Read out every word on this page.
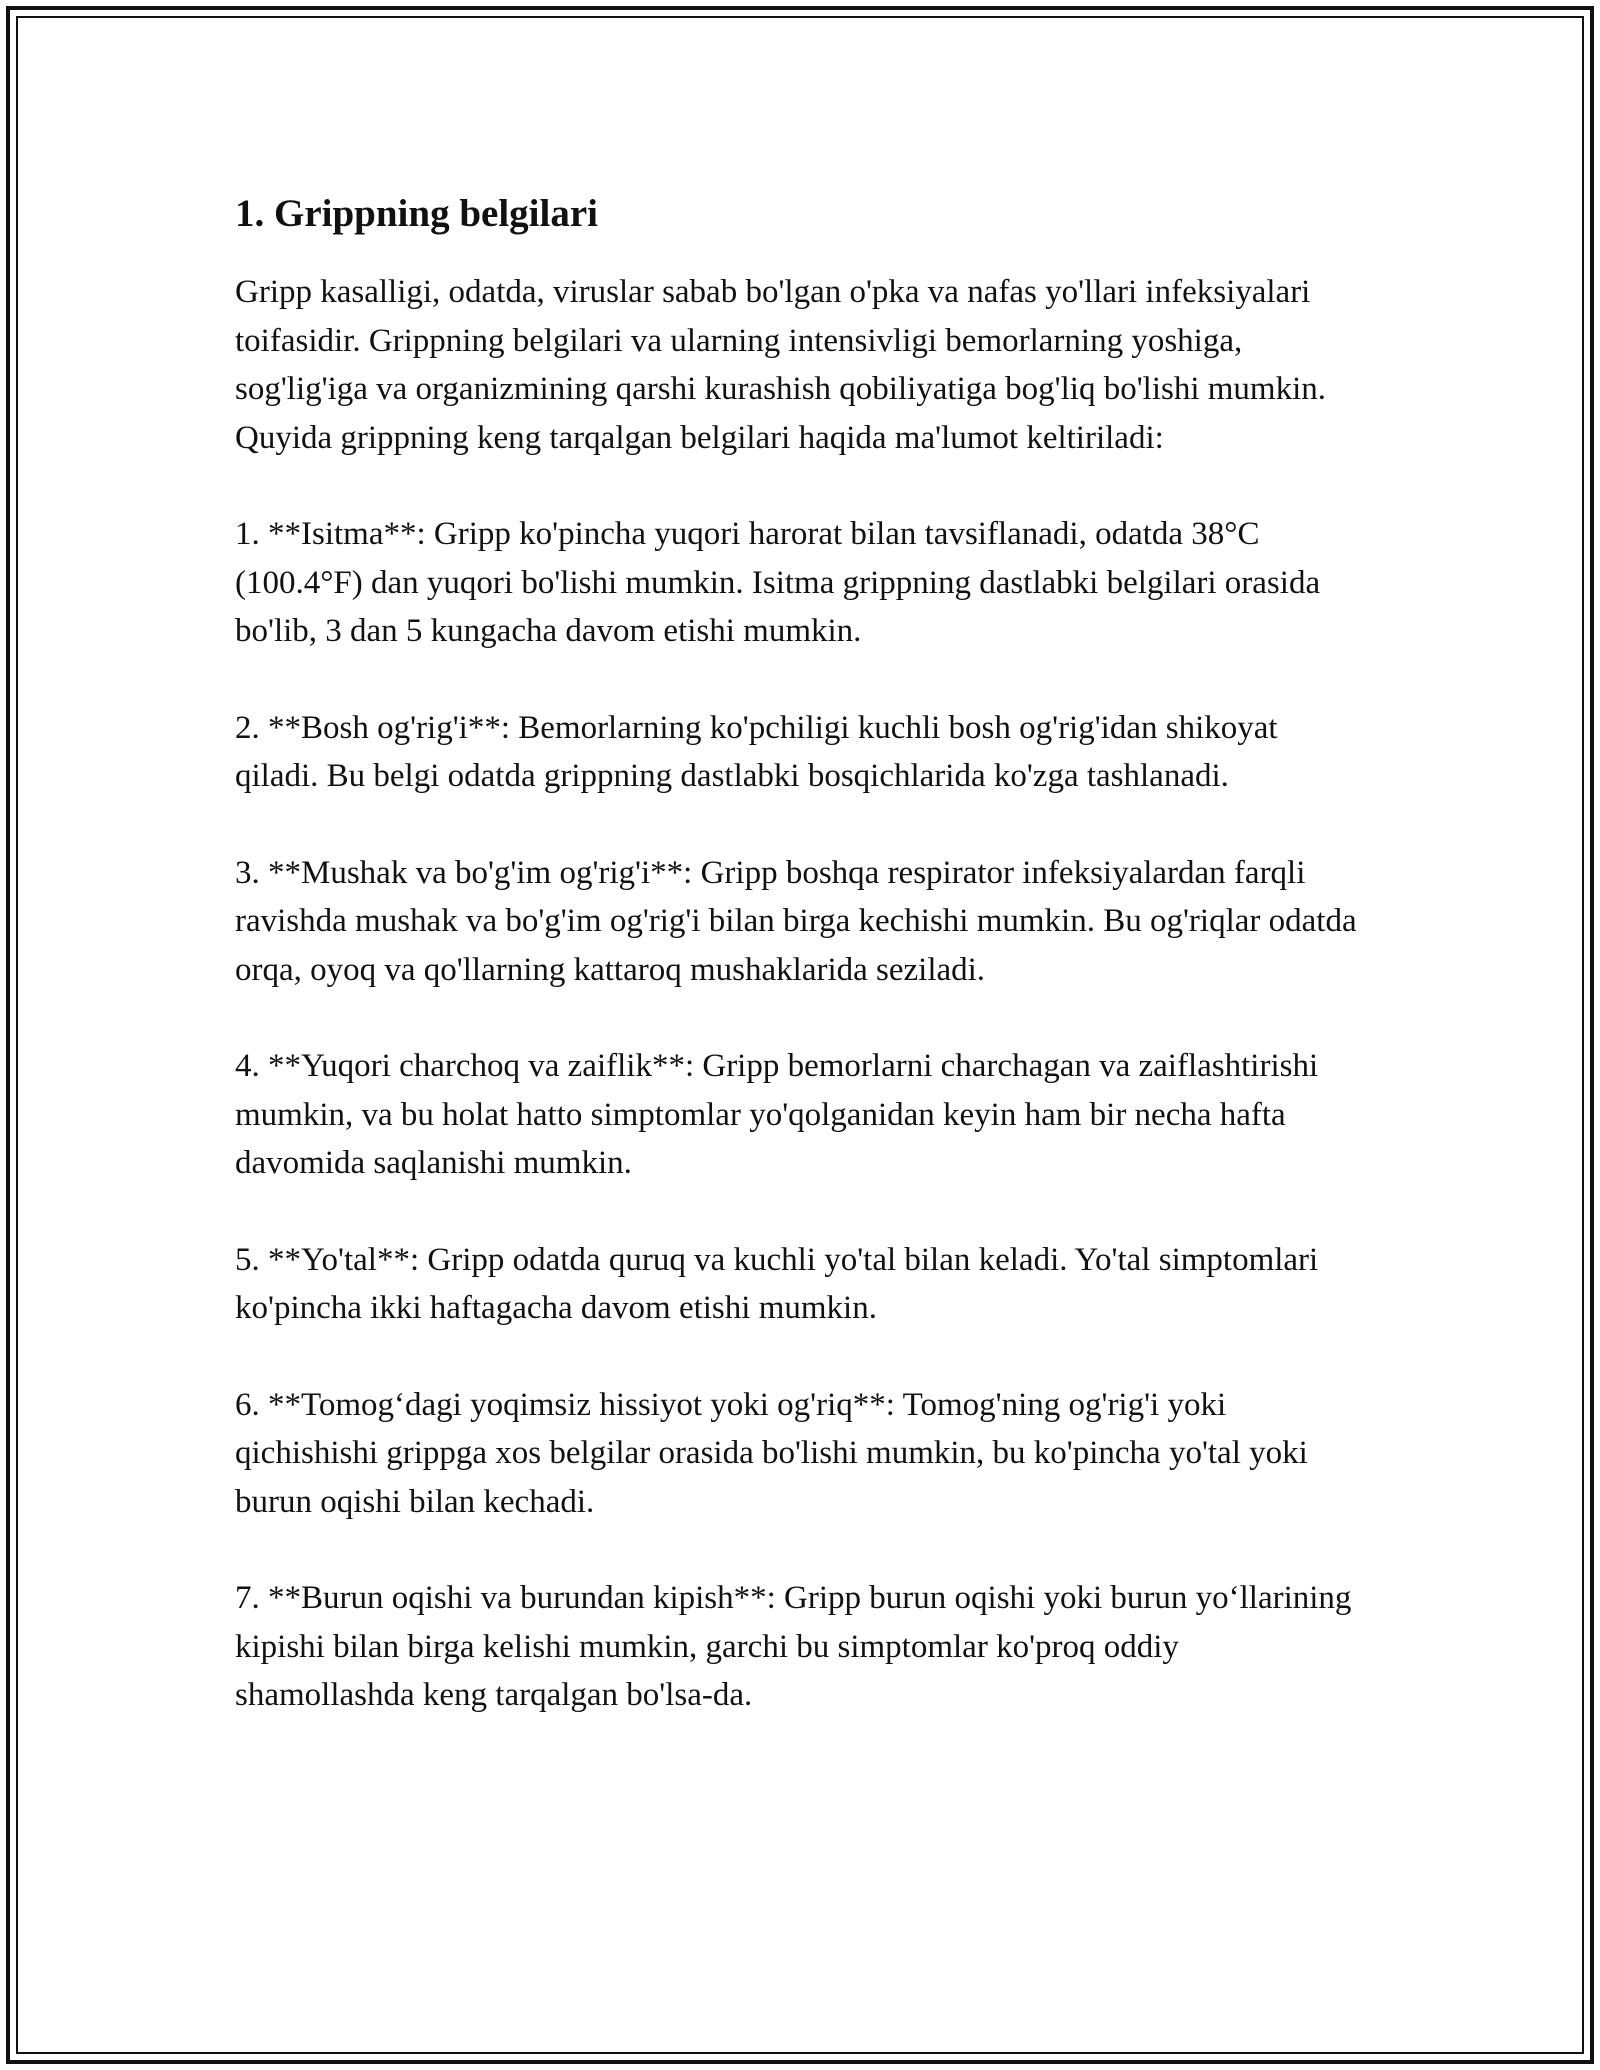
1. Grippning belgilari

Gripp kasalligi, odatda, viruslar sabab bo'lgan o'pka va nafas yo'llari infeksiyalari toifasidir. Grippning belgilari va ularning intensivligi bemorlarning yoshiga, sog'lig'iga va organizmining qarshi kurashish qobiliyatiga bog'liq bo'lishi mumkin. Quyida grippning keng tarqalgan belgilari haqida ma'lumot keltiriladi:

1. **Isitma**: Gripp ko'pincha yuqori harorat bilan tavsiflanadi, odatda 38°C (100.4°F) dan yuqori bo'lishi mumkin. Isitma grippning dastlabki belgilari orasida bo'lib, 3 dan 5 kungacha davom etishi mumkin.

2. **Bosh og'rig'i**: Bemorlarning ko'pchiligi kuchli bosh og'rig'idan shikoyat qiladi. Bu belgi odatda grippning dastlabki bosqichlarida ko'zga tashlanadi.

3. **Mushak va bo'g'im og'rig'i**: Gripp boshqa respirator infeksiyalardan farqli ravishda mushak va bo'g'im og'rig'i bilan birga kechishi mumkin. Bu og'riqlar odatda orqa, oyoq va qo'llarning kattaroq mushaklarida seziladi.

4. **Yuqori charchoq va zaiflik**: Gripp bemorlarni charchagan va zaiflashtirishi mumkin, va bu holat hatto simptomlar yo'qolganidan keyin ham bir necha hafta davomida saqlanishi mumkin.

5. **Yo'tal**: Gripp odatda quruq va kuchli yo'tal bilan keladi. Yo'tal simptomlari ko'pincha ikki haftagacha davom etishi mumkin.

6. **Tomog‘dagi yoqimsiz hissiyot yoki og'riq**: Tomog'ning og'rig'i yoki qichishishi grippga xos belgilar orasida bo'lishi mumkin, bu ko'pincha yo'tal yoki burun oqishi bilan kechadi.

7. **Burun oqishi va burundan kipish**: Gripp burun oqishi yoki burun yo‘llarining kipishi bilan birga kelishi mumkin, garchi bu simptomlar ko'proq oddiy shamollashda keng tarqalgan bo'lsa-da.
